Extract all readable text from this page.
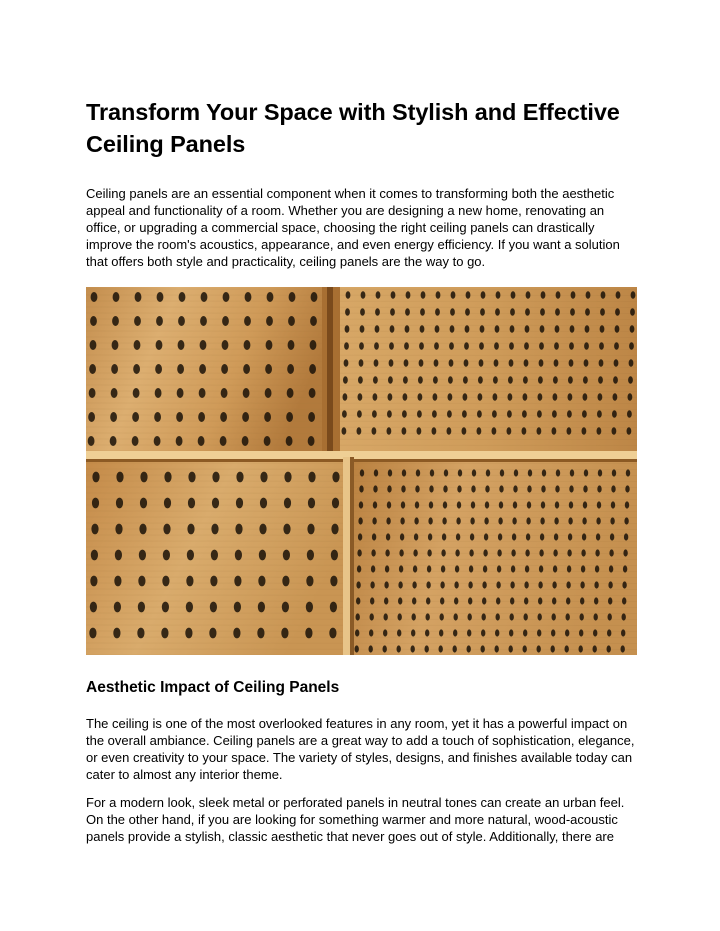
Transform Your Space with Stylish and Effective Ceiling Panels

Ceiling panels are an essential component when it comes to transforming both the aesthetic appeal and functionality of a room. Whether you are designing a new home, renovating an office, or upgrading a commercial space, choosing the right ceiling panels can drastically improve the room's acoustics, appearance, and even energy efficiency. If you want a solution that offers both style and practicality, ceiling panels are the way to go.

Aesthetic Impact of Ceiling Panels

The ceiling is one of the most overlooked features in any room, yet it has a powerful impact on the overall ambiance. Ceiling panels are a great way to add a touch of sophistication, elegance, or even creativity to your space. The variety of styles, designs, and finishes available today can cater to almost any interior theme.

For a modern look, sleek metal or perforated panels in neutral tones can create an urban feel. On the other hand, if you are looking for something warmer and more natural, wood-acoustic panels provide a stylish, classic aesthetic that never goes out of style. Additionally, there are
